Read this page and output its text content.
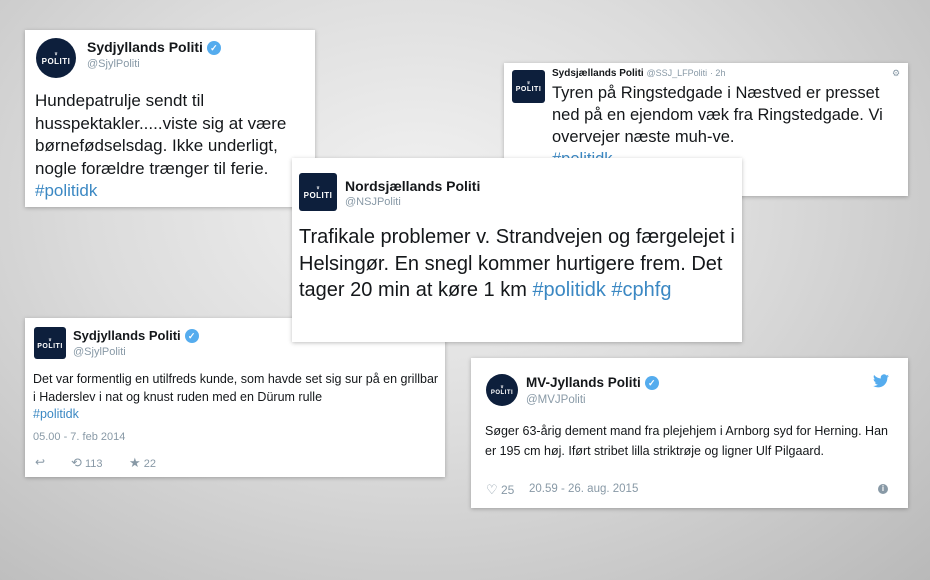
♛
POLITI
Sydjyllands Politi ✓
@SjylPoliti
Hundepatrulje sendt til husspektakler.....viste sig at være børnefødselsdag. Ikke underligt, nogle forældre trænger til ferie.
#politidk
♛
POLITI
Sydsjællands Politi @SSJ_LFPoliti · 2h	⚙
Tyren på Ringstedgade i Næstved er presset ned på en ejendom væk fra Ringstedgade. Vi overvejer næste muh-ve.

♛
POLITI
Sydjyllands Politi ✓
@SjylPoliti
Det var formentlig en utilfreds kunde, som havde set sig sur på en grillbar i Haderslev i nat og knust ruden med en Dürum rulle
#politidk
05.00 - 7. feb 2014
↩ ⟲ 113 ★ 22
♛
POLITI
MV-Jyllands Politi ✓
@MVJPoliti
Søger 63-årig dement mand fra plejehjem i Arnborg syd for Herning. Han er 195 cm høj. Iført stribet lilla striktrøje og ligner Ulf Pilgaard.
♡ 25 20.59 - 26. aug. 2015	i
♛
POLITI
Nordsjællands Politi
@NSJPoliti
Trafikale problemer v. Strandvejen og færgelejet i Helsingør. En snegl kommer hurtigere frem. Det tager 20 min at køre 1 km #politidk #cphfg
